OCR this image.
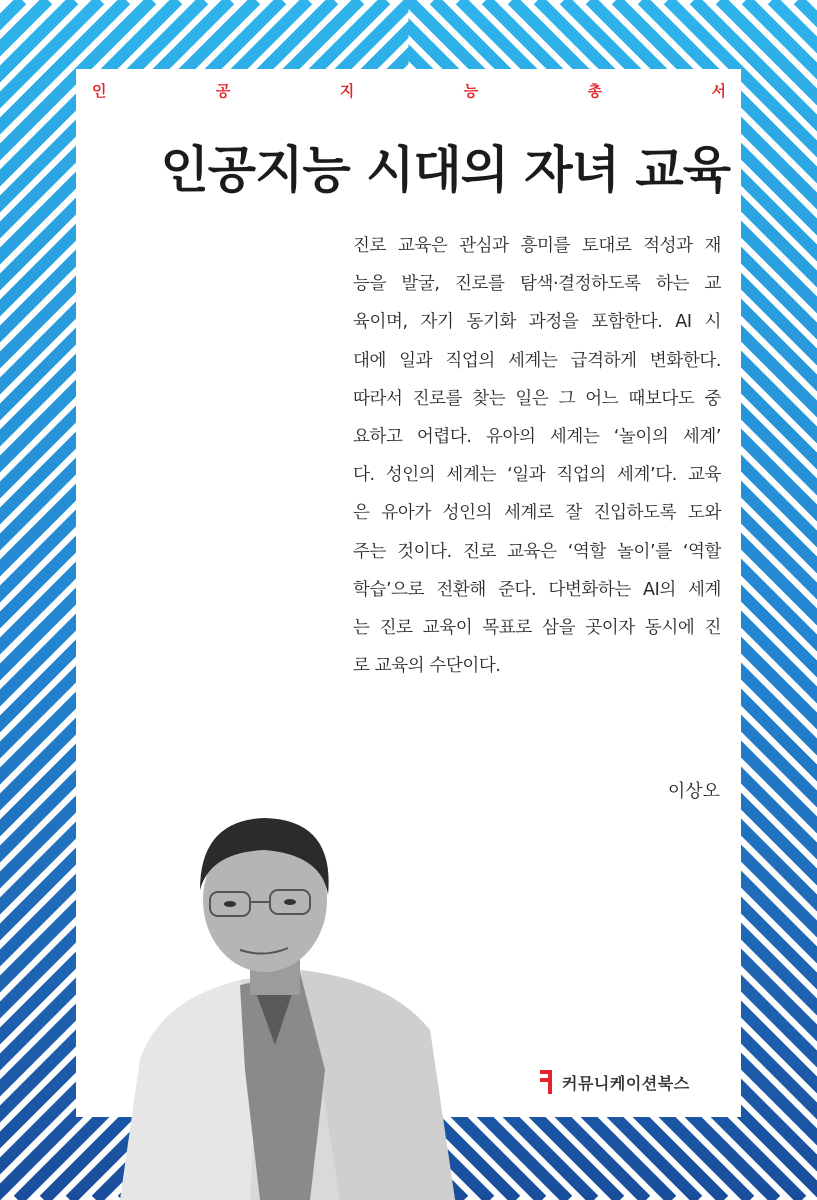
인	공	지	능	총	서
인공지능 시대의 자녀 교육

진로 교육은 관심과 흥미를 토대로 적성과 재
능을 발굴, 진로를 탐색·결정하도록 하는 교
육이며, 자기 동기화 과정을 포함한다. AI 시
대에 일과 직업의 세계는 급격하게 변화한다.
따라서 진로를 찾는 일은 그 어느 때보다도 중
요하고 어렵다. 유아의 세계는 ‘놀이의 세계’
다. 성인의 세계는 ‘일과 직업의 세계’다. 교육
은 유아가 성인의 세계로 잘 진입하도록 도와
주는 것이다. 진로 교육은 ‘역할 놀이’를 ‘역할
학습’으로 전환해 준다. 다변화하는 AI의 세계
는 진로 교육이 목표로 삼을 곳이자 동시에 진
로 교육의 수단이다.

이상오
커뮤니케이션북스
